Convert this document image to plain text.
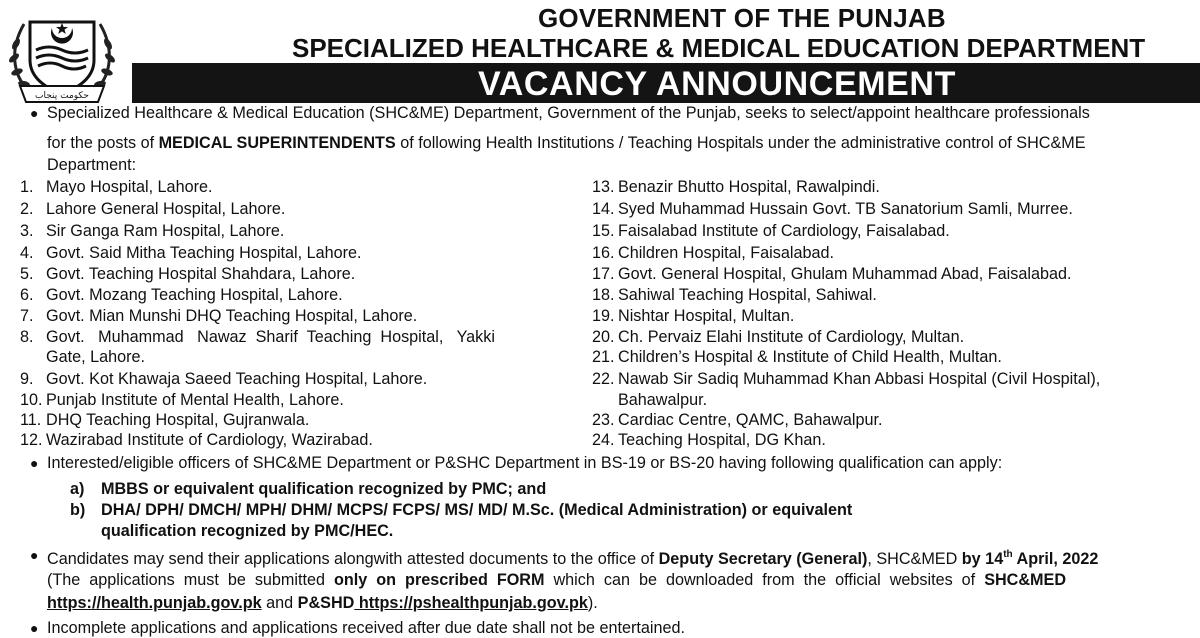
حکومت پنجاب
GOVERNMENT OF THE PUNJAB
SPECIALIZED HEALTHCARE & MEDICAL EDUCATION DEPARTMENT
VACANCY ANNOUNCEMENT
● Specialized Healthcare & Medical Education (SHC&ME) Department, Government of the Punjab, seeks to select/appoint healthcare professionals
for the posts of MEDICAL SUPERINTENDENTS of following Health Institutions / Teaching Hospitals under the administrative control of SHC&ME
Department:
1. Mayo Hospital, Lahore.
2. Lahore General Hospital, Lahore.
3. Sir Ganga Ram Hospital, Lahore.
4. Govt. Said Mitha Teaching Hospital, Lahore.
5. Govt. Teaching Hospital Shahdara, Lahore.
6. Govt. Mozang Teaching Hospital, Lahore.
7. Govt. Mian Munshi DHQ Teaching Hospital, Lahore.
8. Govt.   Muhammad   Nawaz  Sharif  Teaching  Hospital,   Yakki
Gate, Lahore.
9. Govt. Kot Khawaja Saeed Teaching Hospital, Lahore.
10. Punjab Institute of Mental Health, Lahore.
11. DHQ Teaching Hospital, Gujranwala.
12. Wazirabad Institute of Cardiology, Wazirabad.
13. Benazir Bhutto Hospital, Rawalpindi.
14. Syed Muhammad Hussain Govt. TB Sanatorium Samli, Murree.
15. Faisalabad Institute of Cardiology, Faisalabad.
16. Children Hospital, Faisalabad.
17. Govt. General Hospital, Ghulam Muhammad Abad, Faisalabad.
18. Sahiwal Teaching Hospital, Sahiwal.
19. Nishtar Hospital, Multan.
20. Ch. Pervaiz Elahi Institute of Cardiology, Multan.
21. Children’s Hospital & Institute of Child Health, Multan.
22. Nawab Sir Sadiq Muhammad Khan Abbasi Hospital (Civil Hospital),
Bahawalpur.
23. Cardiac Centre, QAMC, Bahawalpur.
24. Teaching Hospital, DG Khan.
● Interested/eligible officers of SHC&ME Department or P&SHC Department in BS-19 or BS-20 having following qualification can apply:
a) MBBS or equivalent qualification recognized by PMC; and
b) DHA/ DPH/ DMCH/ MPH/ DHM/ MCPS/ FCPS/ MS/ MD/ M.Sc. (Medical Administration) or equivalent
qualification recognized by PMC/HEC.
● Candidates may send their applications alongwith attested documents to the office of Deputy Secretary (General), SHC&MED by 14th April, 2022
(The  applications  must  be  submitted  only  on  prescribed  FORM  which  can  be  downloaded  from  the  official  websites  of  SHC&MED
https://health.punjab.gov.pk and P&SHD https://pshealthpunjab.gov.pk).
● Incomplete applications and applications received after due date shall not be entertained.
